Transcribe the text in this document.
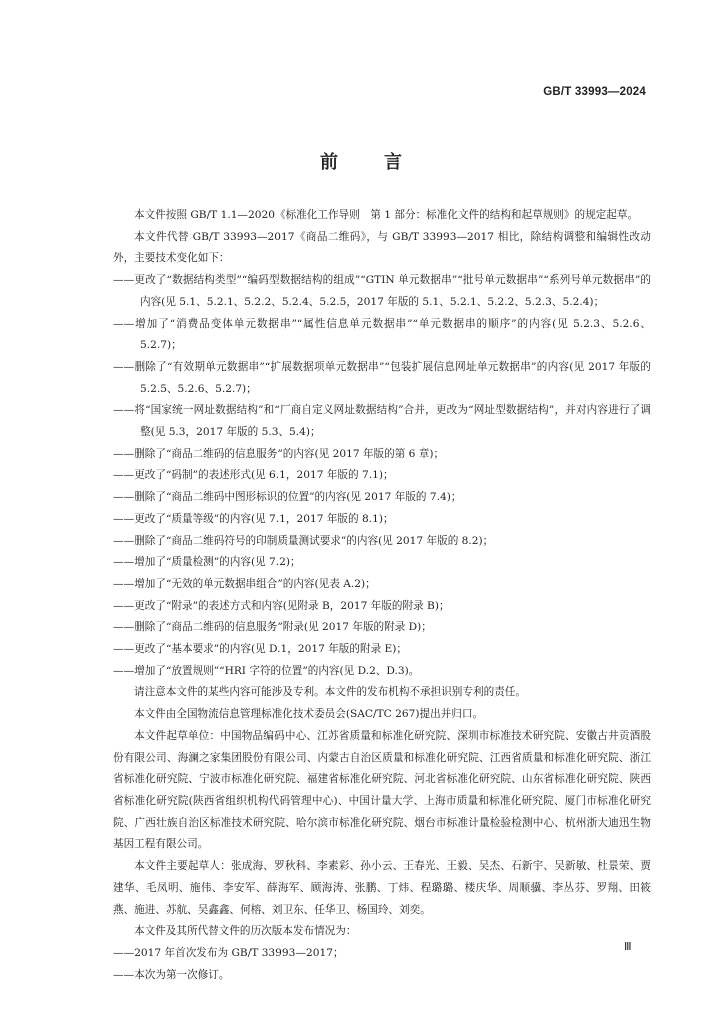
GB/T 33993—2024
前 言

本文件按照 GB/T 1.1—2020《标准化工作导则　第 1 部分：标准化文件的结构和起草规则》的规定起草。

本文件代替 GB/T 33993—2017《商品二维码》，与 GB/T 33993—2017 相比，除结构调整和编辑性改动外，主要技术变化如下：

——更改了“数据结构类型”“编码型数据结构的组成”“GTIN 单元数据串”“批号单元数据串”“系列号单元数据串”的内容(见 5.1、5.2.1、5.2.2、5.2.4、5.2.5，2017 年版的 5.1、5.2.1、5.2.2、5.2.3、5.2.4)；

——增加了“消费品变体单元数据串”“属性信息单元数据串”“单元数据串的顺序”的内容(见 5.2.3、5.2.6、5.2.7)；

——删除了“有效期单元数据串”“扩展数据项单元数据串”“包装扩展信息网址单元数据串”的内容(见 2017 年版的 5.2.5、5.2.6、5.2.7)；

——将“国家统一网址数据结构”和“厂商自定义网址数据结构”合并，更改为“网址型数据结构”，并对内容进行了调整(见 5.3，2017 年版的 5.3、5.4)；

——删除了“商品二维码的信息服务”的内容(见 2017 年版的第 6 章)；

——更改了“码制”的表述形式(见 6.1，2017 年版的 7.1)；

——删除了“商品二维码中图形标识的位置”的内容(见 2017 年版的 7.4)；

——更改了“质量等级”的内容(见 7.1，2017 年版的 8.1)；

——删除了“商品二维码符号的印制质量测试要求”的内容(见 2017 年版的 8.2)；

——增加了“质量检测”的内容(见 7.2)；

——增加了“无效的单元数据串组合”的内容(见表 A.2)；

——更改了“附录”的表述方式和内容(见附录 B，2017 年版的附录 B)；

——删除了“商品二维码的信息服务”附录(见 2017 年版的附录 D)；

——更改了“基本要求”的内容(见 D.1，2017 年版的附录 E)；

——增加了“放置规则”“HRI 字符的位置”的内容(见 D.2、D.3)。

请注意本文件的某些内容可能涉及专利。本文件的发布机构不承担识别专利的责任。

本文件由全国物流信息管理标准化技术委员会(SAC/TC 267)提出并归口。

本文件起草单位：中国物品编码中心、江苏省质量和标准化研究院、深圳市标准技术研究院、安徽古井贡酒股份有限公司、海澜之家集团股份有限公司、内蒙古自治区质量和标准化研究院、江西省质量和标准化研究院、浙江省标准化研究院、宁波市标准化研究院、福建省标准化研究院、河北省标准化研究院、山东省标准化研究院、陕西省标准化研究院(陕西省组织机构代码管理中心)、中国计量大学、上海市质量和标准化研究院、厦门市标准化研究院、广西壮族自治区标准技术研究院、哈尔滨市标准化研究院、烟台市标准计量检验检测中心、杭州浙大迪迅生物基因工程有限公司。

本文件主要起草人：张成海、罗秋科、李素彩、孙小云、王春光、王毅、吴杰、石新宇、吴新敏、杜景荣、贾建华、毛凤明、施伟、李安军、薛海军、顾海涛、张鹏、丁炜、程璐璐、楼庆华、周顺骥、李丛芬、罗翔、田筱燕、施进、苏航、吴鑫鑫、何榕、刘卫东、任华卫、杨国玲、刘奕。

本文件及其所代替文件的历次版本发布情况为：

——2017 年首次发布为 GB/T 33993—2017；

——本次为第一次修订。

Ⅲ
